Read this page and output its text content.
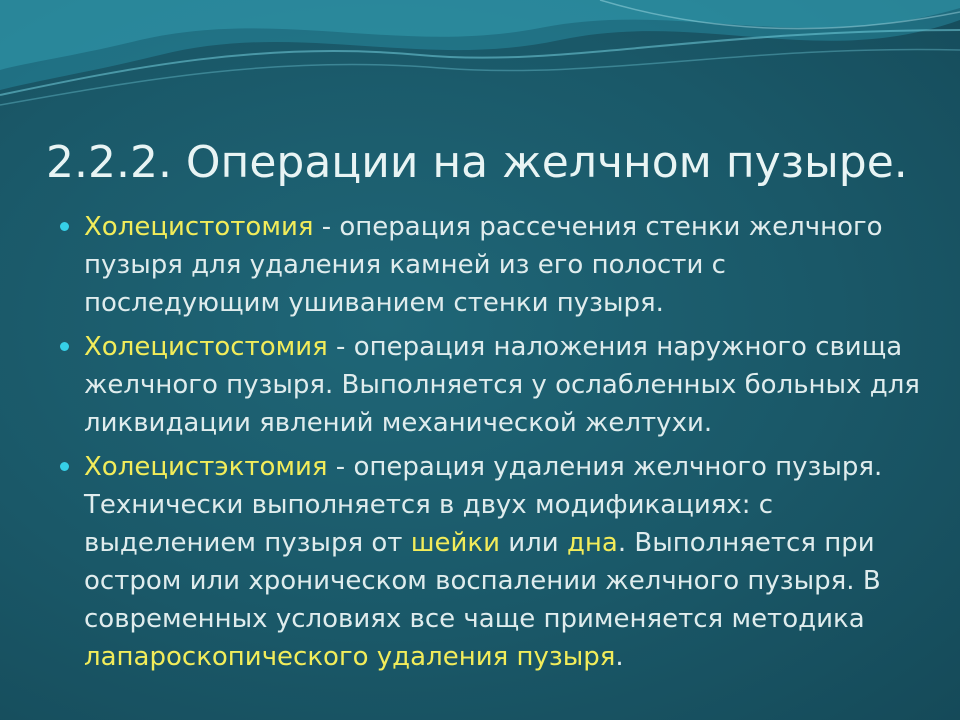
2.2.2. Операции на желчном пузыре.
Холецистотомия - операция рассечения стенки желчного пузыря для удаления камней из его полости с последующим ушиванием стенки пузыря.
Холецистостомия - операция наложения наружного свища желчного пузыря. Выполняется у ослабленных больных для ликвидации явлений механической желтухи.
Холецистэктомия - операция удаления желчного пузыря. Технически выполняется в двух модификациях: с выделением пузыря от шейки или дна. Выполняется при остром или хроническом воспалении желчного пузыря. В современных условиях все чаще применяется методика лапароскопического удаления пузыря.
